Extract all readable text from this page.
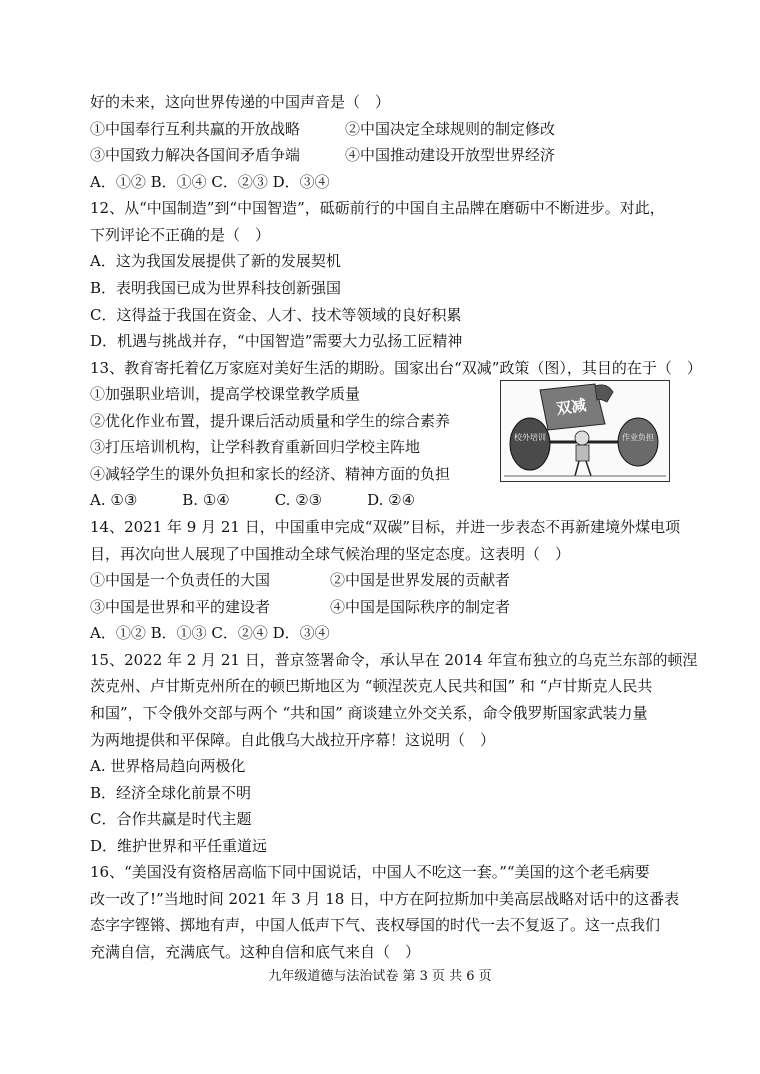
好的未来，这向世界传递的中国声音是（　）
①中国奉行互利共赢的开放战略	②中国决定全球规则的制定修改
③中国致力解决各国间矛盾争端	④中国推动建设开放型世界经济
A．①② B．①④ C．②③ D．③④
12、从“中国制造”到“中国智造”，砥砺前行的中国自主品牌在磨砺中不断进步。对此，
下列评论不正确的是（　）
A．这为我国发展提供了新的发展契机
B．表明我国已成为世界科技创新强国
C．这得益于我国在资金、人才、技术等领域的良好积累
D．机遇与挑战并存，“中国智造”需要大力弘扬工匠精神
13、教育寄托着亿万家庭对美好生活的期盼。国家出台“双减”政策（图），其目的在于（　）
①加强职业培训，提高学校课堂教学质量
②优化作业布置，提升课后活动质量和学生的综合素养
③打压培训机构，让学科教育重新回归学校主阵地
④减轻学生的课外负担和家长的经济、精神方面的负担
A. ①③　　　B. ①④　　　C. ②③　　　D. ②④
双减
校外培训	作业负担
14、2021 年 9 月 21 日，中国重申完成“双碳”目标，并进一步表态不再新建境外煤电项
目，再次向世人展现了中国推动全球气候治理的坚定态度。这表明（　）
①中国是一个负责任的大国	②中国是世界发展的贡献者
③中国是世界和平的建设者	④中国是国际秩序的制定者
A．①② B．①③ C．②④ D．③④
15、2022 年 2 月 21 日，普京签署命令，承认早在 2014 年宣布独立的乌克兰东部的顿涅
茨克州、卢甘斯克州所在的顿巴斯地区为 “顿涅茨克人民共和国” 和 “卢甘斯克人民共
和国”，下令俄外交部与两个 “共和国” 商谈建立外交关系，命令俄罗斯国家武装力量
为两地提供和平保障。自此俄乌大战拉开序幕！这说明（　）
A. 世界格局趋向两极化
B．经济全球化前景不明
C．合作共赢是时代主题
D．维护世界和平任重道远
16、“美国没有资格居高临下同中国说话，中国人不吃这一套。”“美国的这个老毛病要
改一改了!”当地时间 2021 年 3 月 18 日，中方在阿拉斯加中美高层战略对话中的这番表
九年级道德与法治试卷 第 3 页 共 6 页
态字字铿锵、掷地有声，中国人低声下气、丧权辱国的时代一去不复返了。这一点我们
充满自信，充满底气。这种自信和底气来自（　）
